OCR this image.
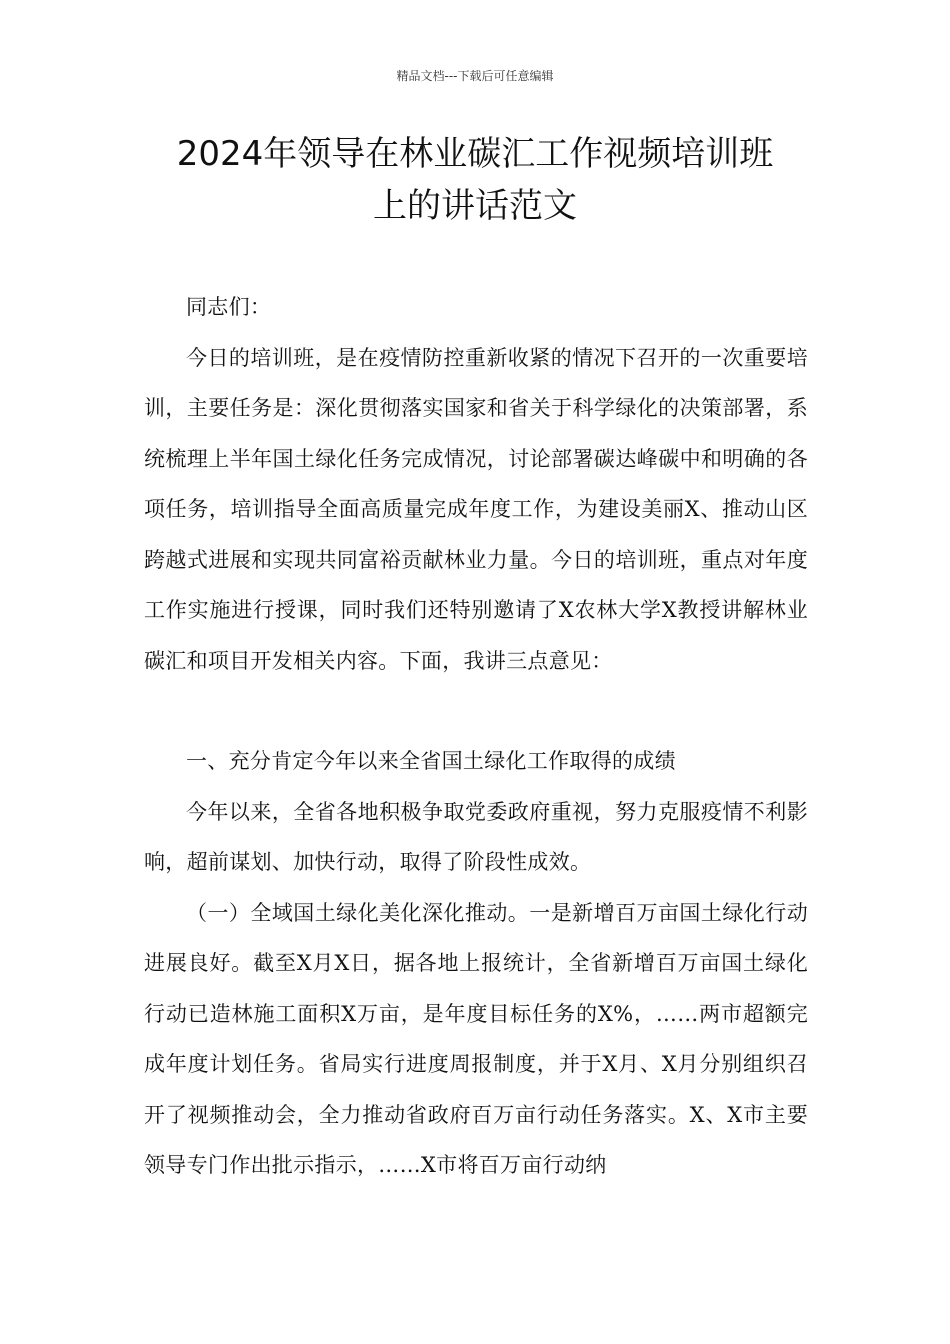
精品文档---下载后可任意编辑
2024年领导在林业碳汇工作视频培训班
上的讲话范文

同志们：

今日的培训班，是在疫情防控重新收紧的情况下召开的一次重要培训，主要任务是：深化贯彻落实国家和省关于科学绿化的决策部署，系统梳理上半年国土绿化任务完成情况，讨论部署碳达峰碳中和明确的各项任务，培训指导全面高质量完成年度工作，为建设美丽X、推动山区跨越式进展和实现共同富裕贡献林业力量。今日的培训班，重点对年度工作实施进行授课，同时我们还特别邀请了X农林大学X教授讲解林业碳汇和项目开发相关内容。下面，我讲三点意见：

一、充分肯定今年以来全省国土绿化工作取得的成绩

今年以来，全省各地积极争取党委政府重视，努力克服疫情不利影响，超前谋划、加快行动，取得了阶段性成效。

（一）全域国土绿化美化深化推动。一是新增百万亩国土绿化行动进展良好。截至X月X日，据各地上报统计，全省新增百万亩国土绿化行动已造林施工面积X万亩，是年度目标任务的X%，……两市超额完成年度计划任务。省局实行进度周报制度，并于X月、X月分别组织召开了视频推动会，全力推动省政府百万亩行动任务落实。X、X市主要领导专门作出批示指示，……X市将百万亩行动纳
